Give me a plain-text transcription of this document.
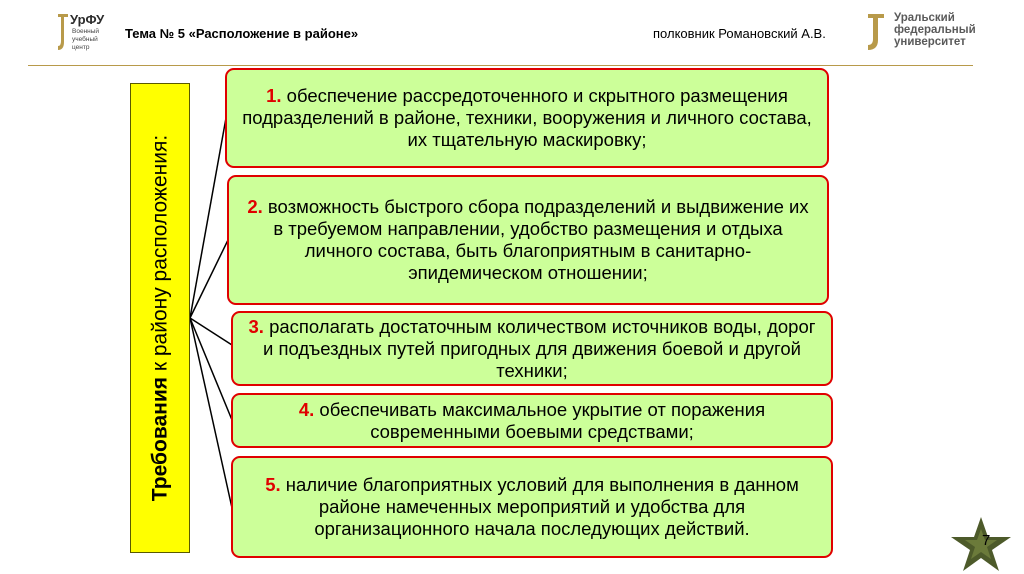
УрФУ
Военный учебный центр
Тема № 5 «Расположение в районе»	полковник Романовский А.В.
Уральский
федеральный
университет
Требования к району расположения:
1. обеспечение рассредоточенного и скрытного размещения подразделений в районе, техники, вооружения и личного состава, их тщательную маскировку;
2. возможность быстрого сбора подразделений и выдвижение их в требуемом направлении, удобство размещения и отдыха личного состава, быть благоприятным в санитарно-эпидемическом отношении;
3. располагать достаточным количеством источников воды, дорог и подъездных путей пригодных для движения боевой и другой техники;
4. обеспечивать максимальное укрытие от поражения современными боевыми средствами;
5. наличие благоприятных условий для выполнения в данном районе намеченных мероприятий и удобства для организационного начала последующих действий.
7
